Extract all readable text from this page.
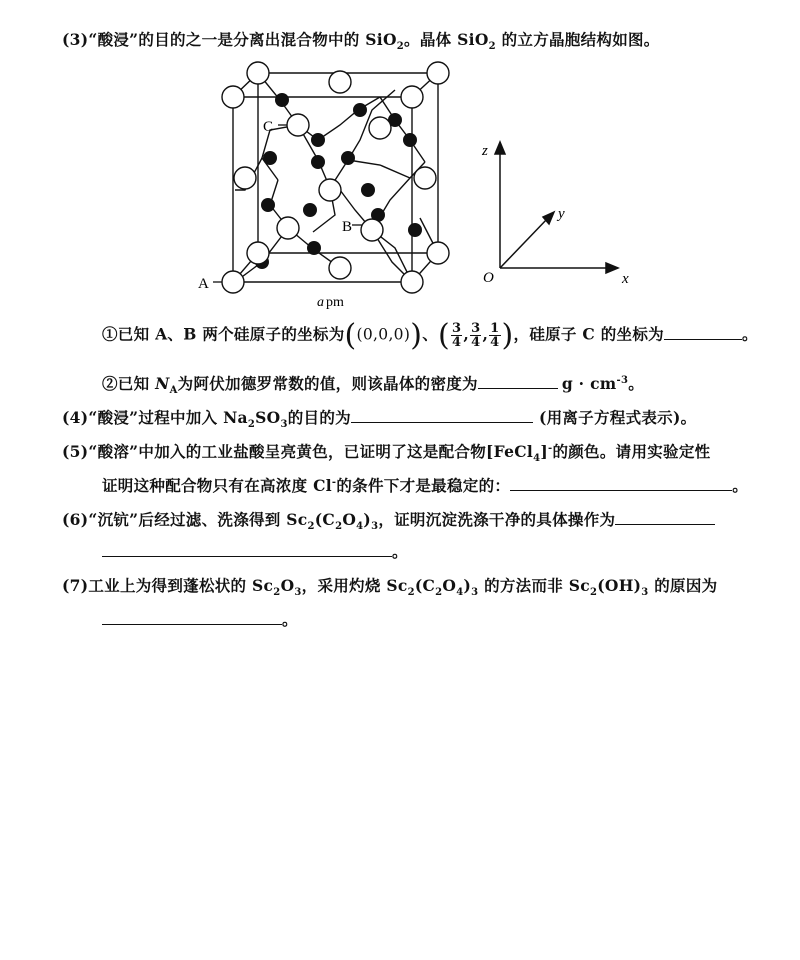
(3)“酸浸”的目的之一是分离出混合物中的 SiO$_2$。晶体 SiO$_2$ 的立方晶胞结构如图。
A
C
B
a pm
z
y
x
O
①已知 A、B 两个硅原子的坐标为((0,0,0))、( $\frac{3}{4}$ , $\frac{3}{4}$ , $\frac{1}{4}$ )，硅原子 C 的坐标为	。
②已知 $N_A$为阿伏加德罗常数的值，则该晶体的密度为	$g \cdot cm^{-3}$。
(4)“酸浸”过程中加入 $Na_2SO_3$的目的为	(用离子方程式表示)。
(5)“酸溶”中加入的工业盐酸呈亮黄色，已证明了这是配合物[FeCl$_4$]-的颜色。请用实验定性
证明这种配合物只有在高浓度 Cl-的条件下才是最稳定的：	。
(6)“沉钪”后经过滤、洗涤得到 $Sc_2(C_2O_4)_3$，证明沉淀洗涤干净的具体操作为
。
(7)工业上为得到蓬松状的 $Sc_2O_3$，采用灼烧 $Sc_2(C_2O_4)_3$ 的方法而非 $Sc_2(OH)_3$ 的原因为
。
